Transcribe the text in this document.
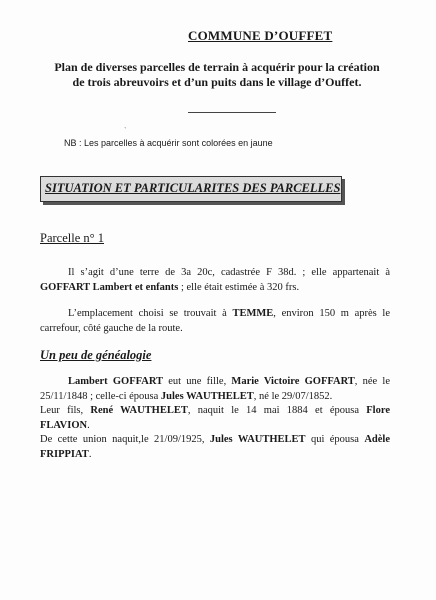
COMMUNE D’OUFFET
Plan de diverses parcelles de terrain à acquérir pour la création
de trois abreuvoirs et d’un puits dans le village d’Ouffet.
`
NB : Les parcelles à acquérir sont colorées en jaune
SITUATION ET PARTICULARITES DES PARCELLES
Parcelle n° 1
Il s’agit d’une terre de 3a 20c, cadastrée F 38d. ; elle appartenait à GOFFART Lambert et enfants ; elle était estimée à 320 frs.
L’emplacement choisi se trouvait à TEMME, environ 150 m après le carrefour, côté gauche de la route.
Un peu de généalogie
Lambert GOFFART eut une fille, Marie Victoire GOFFART, née le 25/11/1848 ; celle-ci épousa Jules WAUTHELET, né le 29/07/1852.
Leur fils, René WAUTHELET, naquit le 14 mai 1884 et épousa Flore FLAVION.
De cette union naquit,le 21/09/1925, Jules WAUTHELET qui épousa Adèle FRIPPIAT.
